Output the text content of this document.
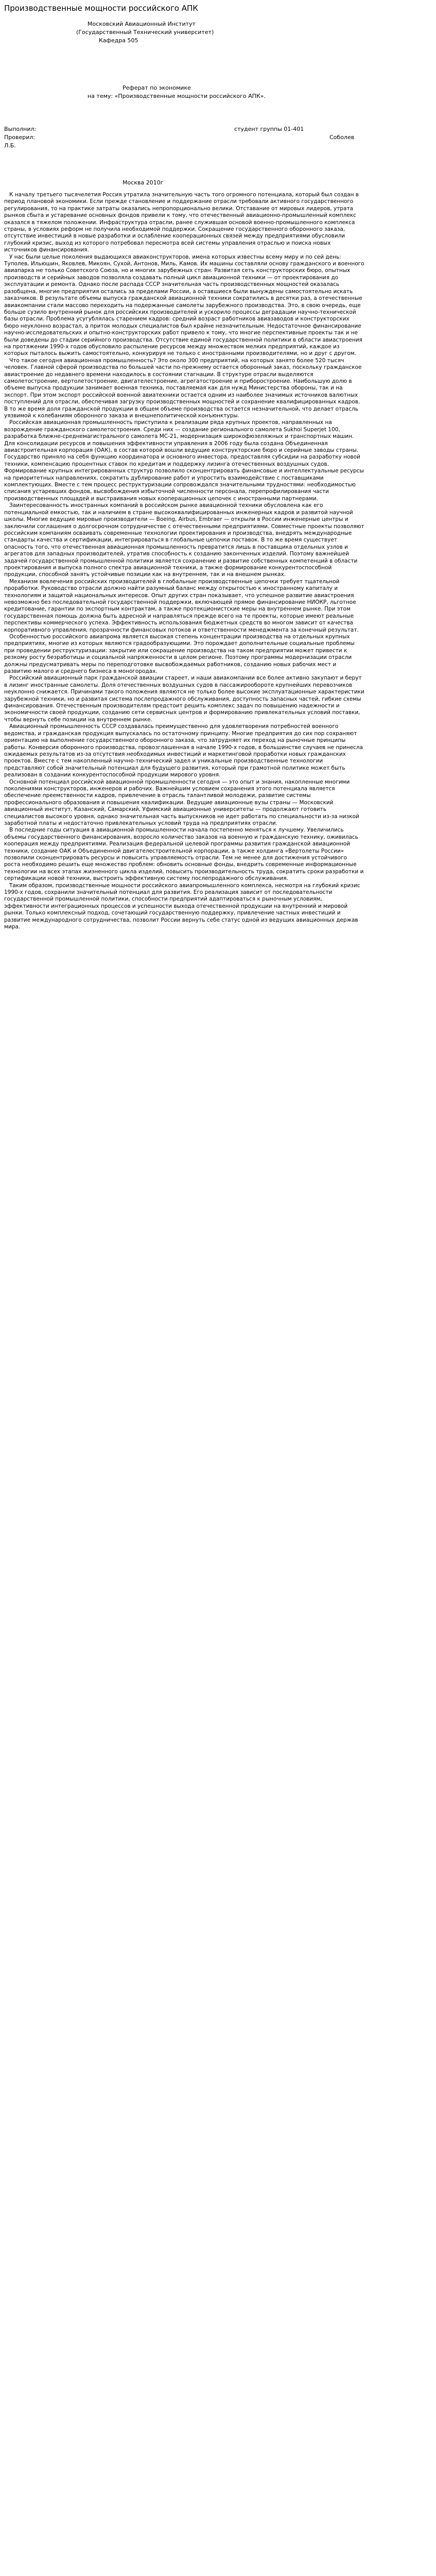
Производственные мощности российского АПК
Московский Авиационный Институт
(Государственный Технический университет)
Кафедра 505
Реферат по экономике
на тему: «Производственные мощности российского АПК».
Выполнил:	студент группы 01-401
Проверил:	Соболев
Л.Б.
Москва 2010г

К началу третьего тысячелетия Россия утратила значительную часть того огромного потенциала, который был создан в период плановой экономики. Если прежде становление и поддержание отрасли требовали активного государственного регулирования, то на практике затраты оказались непропорционально велики. Отставание от мировых лидеров, утрата рынков сбыта и устаревание основных фондов привели к тому, что отечественный авиационно-промышленный комплекс оказался в тяжелом положении. Инфраструктура отрасли, ранее служившая основой военно-промышленного комплекса страны, в условиях реформ не получила необходимой поддержки. Сокращение государственного оборонного заказа, отсутствие инвестиций в новые разработки и ослабление кооперационных связей между предприятиями обусловили глубокий кризис, выход из которого потребовал пересмотра всей системы управления отраслью и поиска новых источников финансирования.

У нас были целые поколения выдающихся авиаконструкторов, имена которых известны всему миру и по сей день: Туполев, Ильюшин, Яковлев, Микоян, Сухой, Антонов, Миль, Камов. Их машины составляли основу гражданского и военного авиапарка не только Советского Союза, но и многих зарубежных стран. Развитая сеть конструкторских бюро, опытных производств и серийных заводов позволяла создавать полный цикл авиационной техники — от проектирования до эксплуатации и ремонта. Однако после распада СССР значительная часть производственных мощностей оказалась разобщена, многие предприятия остались за пределами России, а оставшиеся были вынуждены самостоятельно искать заказчиков. В результате объемы выпуска гражданской авиационной техники сократились в десятки раз, а отечественные авиакомпании стали массово переходить на подержанные самолеты зарубежного производства. Это, в свою очередь, еще больше сузило внутренний рынок для российских производителей и ускорило процессы деградации научно-технической базы отрасли. Проблема усугублялась старением кадров: средний возраст работников авиазаводов и конструкторских бюро неуклонно возрастал, а приток молодых специалистов был крайне незначительным. Недостаточное финансирование научно-исследовательских и опытно-конструкторских работ привело к тому, что многие перспективные проекты так и не были доведены до стадии серийного производства. Отсутствие единой государственной политики в области авиастроения на протяжении 1990-х годов обусловило распыление ресурсов между множеством мелких предприятий, каждое из которых пыталось выжить самостоятельно, конкурируя не только с иностранными производителями, но и друг с другом.

Что такое сегодня авиационная промышленность? Это около 300 предприятий, на которых занято более 520 тысяч человек. Главной сферой производства по большей части по-прежнему остается оборонный заказ, поскольку гражданское авиастроение до недавнего времени находилось в состоянии стагнации. В структуре отрасли выделяются самолетостроение, вертолетостроение, двигателестроение, агрегатостроение и приборостроение. Наибольшую долю в объеме выпуска продукции занимает военная техника, поставляемая как для нужд Министерства обороны, так и на экспорт. При этом экспорт российской военной авиатехники остается одним из наиболее значимых источников валютных поступлений для отрасли, обеспечивая загрузку производственных мощностей и сохранение квалифицированных кадров. В то же время доля гражданской продукции в общем объеме производства остается незначительной, что делает отрасль уязвимой к колебаниям оборонного заказа и внешнеполитической конъюнктуры.

Российская авиационная промышленность приступила к реализации ряда крупных проектов, направленных на возрождение гражданского самолетостроения. Среди них — создание регионального самолета Sukhoi Superjet 100, разработка ближне-среднемагистрального самолета МС-21, модернизация широкофюзеляжных и транспортных машин. Для консолидации ресурсов и повышения эффективности управления в 2006 году была создана Объединенная авиастроительная корпорация (ОАК), в состав которой вошли ведущие конструкторские бюро и серийные заводы страны. Государство приняло на себя функцию координатора и основного инвестора, предоставляя субсидии на разработку новой техники, компенсацию процентных ставок по кредитам и поддержку лизинга отечественных воздушных судов. Формирование крупных интегрированных структур позволило сконцентрировать финансовые и интеллектуальные ресурсы на приоритетных направлениях, сократить дублирование работ и упростить взаимодействие с поставщиками комплектующих. Вместе с тем процесс реструктуризации сопровождался значительными трудностями: необходимостью списания устаревших фондов, высвобождения избыточной численности персонала, перепрофилирования части производственных площадей и выстраивания новых кооперационных цепочек с иностранными партнерами.

Заинтересованность иностранных компаний в российском рынке авиационной техники обусловлена как его потенциальной емкостью, так и наличием в стране высококвалифицированных инженерных кадров и развитой научной школы. Многие ведущие мировые производители — Boeing, Airbus, Embraer — открыли в России инженерные центры и заключили соглашения о долгосрочном сотрудничестве с отечественными предприятиями. Совместные проекты позволяют российским компаниям осваивать современные технологии проектирования и производства, внедрять международные стандарты качества и сертификации, интегрироваться в глобальные цепочки поставок. В то же время существует опасность того, что отечественная авиационная промышленность превратится лишь в поставщика отдельных узлов и агрегатов для западных производителей, утратив способность к созданию законченных изделий. Поэтому важнейшей задачей государственной промышленной политики является сохранение и развитие собственных компетенций в области проектирования и выпуска полного спектра авиационной техники, а также формирование конкурентоспособной продукции, способной занять устойчивые позиции как на внутреннем, так и на внешнем рынках.

Механизм вовлечения российских производителей в глобальные производственные цепочки требует тщательной проработки. Руководство отрасли должно найти разумный баланс между открытостью к иностранному капиталу и технологиям и защитой национальных интересов. Опыт других стран показывает, что успешное развитие авиастроения невозможно без последовательной государственной поддержки, включающей прямое финансирование НИОКР, льготное кредитование, гарантии по экспортным контрактам, а также протекционистские меры на внутреннем рынке. При этом государственная помощь должна быть адресной и направляться прежде всего на те проекты, которые имеют реальные перспективы коммерческого успеха. Эффективность использования бюджетных средств во многом зависит от качества корпоративного управления, прозрачности финансовых потоков и ответственности менеджмента за конечный результат.

Особенностью российского авиапрома является высокая степень концентрации производства на отдельных крупных предприятиях, многие из которых являются градообразующими. Это порождает дополнительные социальные проблемы при проведении реструктуризации: закрытие или сокращение производства на таком предприятии может привести к резкому росту безработицы и социальной напряженности в целом регионе. Поэтому программы модернизации отрасли должны предусматривать меры по переподготовке высвобождаемых работников, созданию новых рабочих мест и развитию малого и среднего бизнеса в моногородах.

Российский авиационный парк гражданской авиации стареет, и наши авиакомпании все более активно закупают и берут в лизинг иностранные самолеты. Доля отечественных воздушных судов в пассажирообороте крупнейших перевозчиков неуклонно снижается. Причинами такого положения являются не только более высокие эксплуатационные характеристики зарубежной техники, но и развитая система послепродажного обслуживания, доступность запасных частей, гибкие схемы финансирования. Отечественным производителям предстоит решить комплекс задач по повышению надежности и экономичности своей продукции, созданию сети сервисных центров и формированию привлекательных условий поставки, чтобы вернуть себе позиции на внутреннем рынке.

Авиационный промышленность СССР создавалась преимущественно для удовлетворения потребностей военного ведомства, и гражданская продукция выпускалась по остаточному принципу. Многие предприятия до сих пор сохраняют ориентацию на выполнение государственного оборонного заказа, что затрудняет их переход на рыночные принципы работы. Конверсия оборонного производства, провозглашенная в начале 1990-х годов, в большинстве случаев не принесла ожидаемых результатов из-за отсутствия необходимых инвестиций и маркетинговой проработки новых гражданских проектов. Вместе с тем накопленный научно-технический задел и уникальные производственные технологии представляют собой значительный потенциал для будущего развития, который при грамотной политике может быть реализован в создании конкурентоспособной продукции мирового уровня.

Основной потенциал российской авиационной промышленности сегодня — это опыт и знания, накопленные многими поколениями конструкторов, инженеров и рабочих. Важнейшим условием сохранения этого потенциала является обеспечение преемственности кадров, привлечение в отрасль талантливой молодежи, развитие системы профессионального образования и повышения квалификации. Ведущие авиационные вузы страны — Московский авиационный институт, Казанский, Самарский, Уфимский авиационные университеты — продолжают готовить специалистов высокого уровня, однако значительная часть выпускников не идет работать по специальности из-за низкой заработной платы и недостаточно привлекательных условий труда на предприятиях отрасли.

В последние годы ситуация в авиационной промышленности начала постепенно меняться к лучшему. Увеличились объемы государственного финансирования, возросло количество заказов на военную и гражданскую технику, оживилась кооперация между предприятиями. Реализация федеральной целевой программы развития гражданской авиационной техники, создание ОАК и Объединенной двигателестроительной корпорации, а также холдинга «Вертолеты России» позволили сконцентрировать ресурсы и повысить управляемость отрасли. Тем не менее для достижения устойчивого роста необходимо решить еще множество проблем: обновить основные фонды, внедрить современные информационные технологии на всех этапах жизненного цикла изделий, повысить производительность труда, сократить сроки разработки и сертификации новой техники, выстроить эффективную систему послепродажного обслуживания.

Таким образом, производственные мощности российского авиапромышленного комплекса, несмотря на глубокий кризис 1990-х годов, сохранили значительный потенциал для развития. Его реализация зависит от последовательности государственной промышленной политики, способности предприятий адаптироваться к рыночным условиям, эффективности интеграционных процессов и успешности выхода отечественной продукции на внутренний и мировой рынки. Только комплексный подход, сочетающий государственную поддержку, привлечение частных инвестиций и развитие международного сотрудничества, позволит России вернуть себе статус одной из ведущих авиационных держав мира.
